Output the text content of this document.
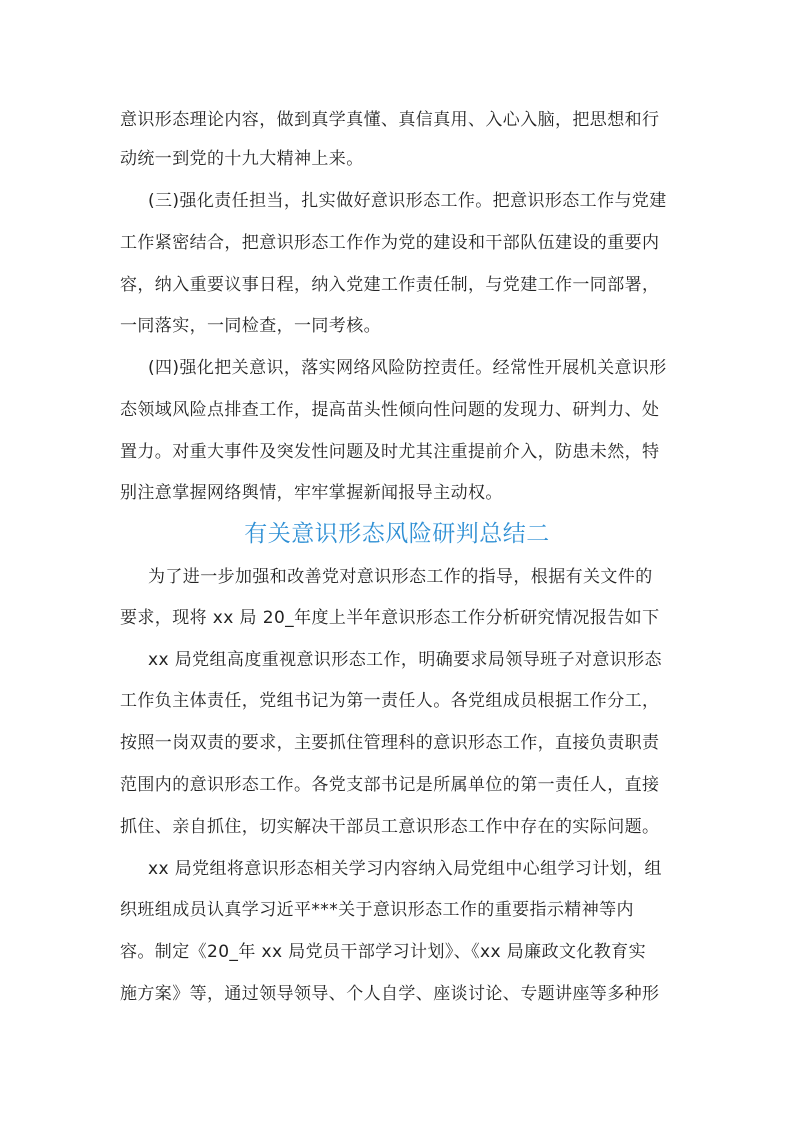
意识形态理论内容，做到真学真懂、真信真用、入心入脑，把思想和行
动统一到党的十九大精神上来。
(三)强化责任担当，扎实做好意识形态工作。把意识形态工作与党建
工作紧密结合，把意识形态工作作为党的建设和干部队伍建设的重要内
容，纳入重要议事日程，纳入党建工作责任制，与党建工作一同部署，
一同落实，一同检查，一同考核。
(四)强化把关意识，落实网络风险防控责任。经常性开展机关意识形
态领域风险点排查工作，提高苗头性倾向性问题的发现力、研判力、处
置力。对重大事件及突发性问题及时尤其注重提前介入，防患未然，特
别注意掌握网络舆情，牢牢掌握新闻报导主动权。
有关意识形态风险研判总结二
为了进一步加强和改善党对意识形态工作的指导，根据有关文件的
要求，现将 xx 局 20_年度上半年意识形态工作分析研究情况报告如下
xx 局党组高度重视意识形态工作，明确要求局领导班子对意识形态
工作负主体责任，党组书记为第一责任人。各党组成员根据工作分工，
按照一岗双责的要求，主要抓住管理科的意识形态工作，直接负责职责
范围内的意识形态工作。各党支部书记是所属单位的第一责任人，直接
抓住、亲自抓住，切实解决干部员工意识形态工作中存在的实际问题。
xx 局党组将意识形态相关学习内容纳入局党组中心组学习计划，组
织班组成员认真学习近平***关于意识形态工作的重要指示精神等内
容。制定《20_年 xx 局党员干部学习计划》、《xx 局廉政文化教育实
施方案》等，通过领导领导、个人自学、座谈讨论、专题讲座等多种形
